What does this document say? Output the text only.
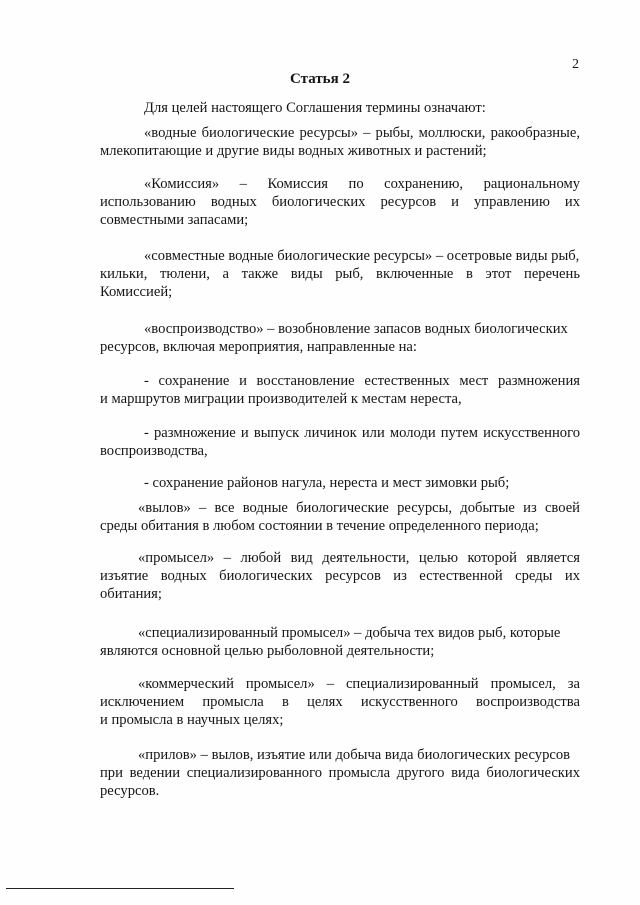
2
Статья 2

Для целей настоящего Соглашения термины означают:

«водные биологические ресурсы» – рыбы, моллюски, ракообразные,
млекопитающие и другие виды водных животных и растений;

«Комиссия» – Комиссия по сохранению, рациональному
использованию водных биологических ресурсов и управлению их
совместными запасами;

«совместные водные биологические ресурсы» – осетровые виды рыб,
кильки, тюлени, а также виды рыб, включенные в этот перечень
Комиссией;

«воспроизводство» – возобновление запасов водных биологических
ресурсов, включая мероприятия, направленные на:

- сохранение и восстановление естественных мест размножения
и маршрутов миграции производителей к местам нереста,

- размножение и выпуск личинок или молоди путем искусственного
воспроизводства,

- сохранение районов нагула, нереста и мест зимовки рыб;

«вылов» – все водные биологические ресурсы, добытые из своей
среды обитания в любом состоянии в течение определенного периода;

«промысел» – любой вид деятельности, целью которой является
изъятие водных биологических ресурсов из естественной среды их
обитания;

«специализированный промысел» – добыча тех видов рыб, которые
являются основной целью рыболовной деятельности;

«коммерческий промысел» – специализированный промысел, за
исключением промысла в целях искусственного воспроизводства
и промысла в научных целях;

«прилов» – вылов, изъятие или добыча вида биологических ресурсов
при ведении специализированного промысла другого вида биологических
ресурсов.
